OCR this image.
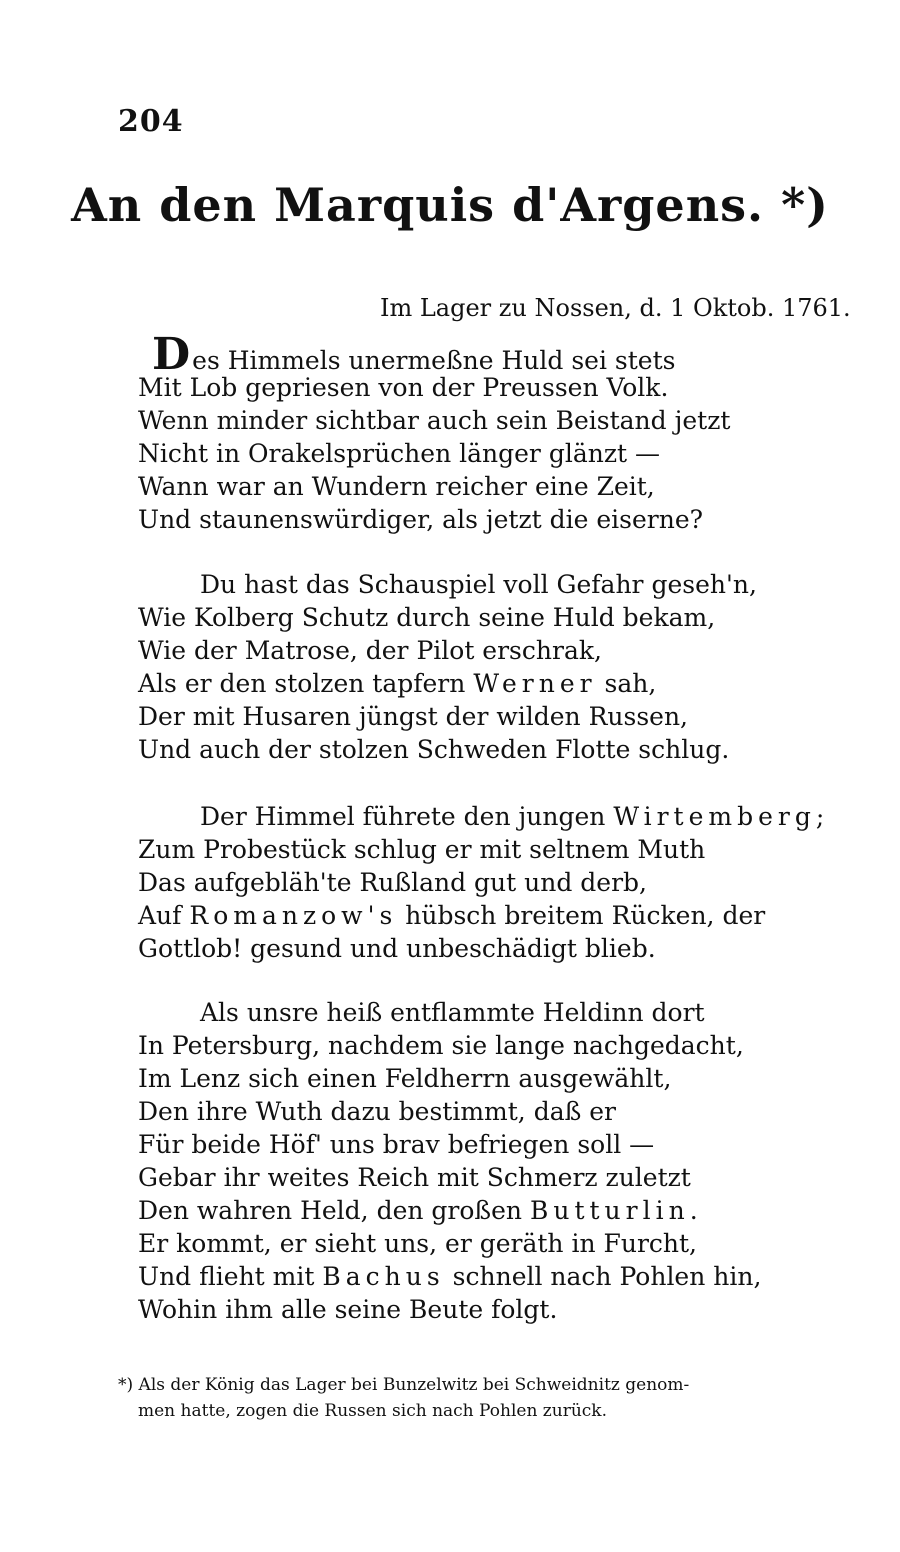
204
An den Marquis d'Argens. *)
Im Lager zu Nossen, d. 1 Oktob. 1761.
Des Himmels unermeßne Huld sei stets
Mit Lob gepriesen von der Preussen Volk.
Wenn minder sichtbar auch sein Beistand jetzt
Nicht in Orakelsprüchen länger glänzt —
Wann war an Wundern reicher eine Zeit,
Und staunenswürdiger, als jetzt die eiserne?
Du hast das Schauspiel voll Gefahr geseh'n,
Wie Kolberg Schutz durch seine Huld bekam,
Wie der Matrose, der Pilot erschrak,
Als er den stolzen tapfern Werner sah,
Der mit Husaren jüngst der wilden Russen,
Und auch der stolzen Schweden Flotte schlug.
Der Himmel führete den jungen Wirtemberg;
Zum Probestück schlug er mit seltnem Muth
Das aufgebläh'te Rußland gut und derb,
Auf Romanzow's hübsch breitem Rücken, der
Gottlob! gesund und unbeschädigt blieb.
Als unsre heiß entflammte Heldinn dort
In Petersburg, nachdem sie lange nachgedacht,
Im Lenz sich einen Feldherrn ausgewählt,
Den ihre Wuth dazu bestimmt, daß er
Für beide Höf' uns brav befriegen soll —
Gebar ihr weites Reich mit Schmerz zuletzt
Den wahren Held, den großen Butturlin.
Er kommt, er sieht uns, er geräth in Furcht,
Und flieht mit Bachus schnell nach Pohlen hin,
Wohin ihm alle seine Beute folgt.
*) Als der König das Lager bei Bunzelwitz bei Schweidnitz genom-
men hatte, zogen die Russen sich nach Pohlen zurück.
